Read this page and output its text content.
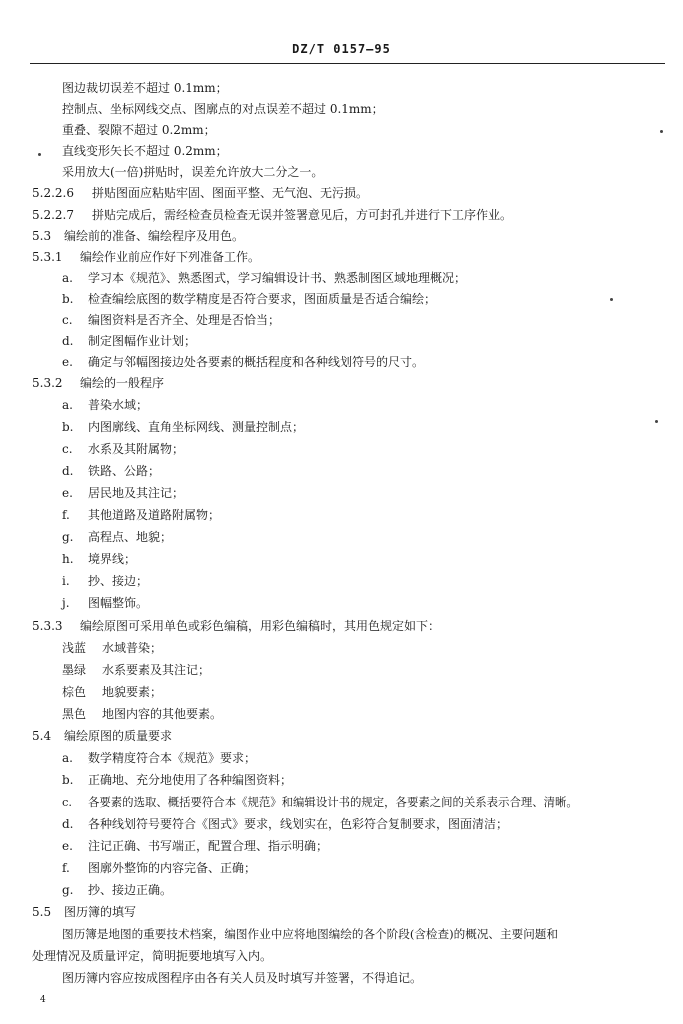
DZ/T 0157—95
图边裁切误差不超过 0.1mm；
控制点、坐标网线交点、图廓点的对点误差不超过 0.1mm；
重叠、裂隙不超过 0.2mm；
直线变形矢长不超过 0.2mm；
采用放大(一倍)拼贴时，误差允许放大二分之一。
5.2.2.6 拼贴图面应粘贴牢固、图面平整、无气泡、无污损。
5.2.2.7 拼贴完成后，需经检查员检查无误并签署意见后，方可封孔并进行下工序作业。
5.3 编绘前的准备、编绘程序及用色。
5.3.1 编绘作业前应作好下列准备工作。
a. 学习本《规范》、熟悉图式，学习编辑设计书、熟悉制图区域地理概况；
b. 检查编绘底图的数学精度是否符合要求，图面质量是否适合编绘；
c. 编图资料是否齐全、处理是否恰当；
d. 制定图幅作业计划；
e. 确定与邻幅图接边处各要素的概括程度和各种线划符号的尺寸。
5.3.2 编绘的一般程序
a. 普染水域；
b. 内图廓线、直角坐标网线、测量控制点；
c. 水系及其附属物；
d. 铁路、公路；
e. 居民地及其注记；
f. 其他道路及道路附属物；
g. 高程点、地貌；
h. 境界线；
i. 抄、接边；
j. 图幅整饰。
5.3.3 编绘原图可采用单色或彩色编稿，用彩色编稿时，其用色规定如下：
浅蓝 水域普染；
墨绿 水系要素及其注记；
棕色 地貌要素；
黑色 地图内容的其他要素。
5.4 编绘原图的质量要求
a. 数学精度符合本《规范》要求；
b. 正确地、充分地使用了各种编图资料；
c. 各要素的选取、概括要符合本《规范》和编辑设计书的规定，各要素之间的关系表示合理、清晰。
d. 各种线划符号要符合《图式》要求，线划实在，色彩符合复制要求，图面清洁；
e. 注记正确、书写端正，配置合理、指示明确；
f. 图廓外整饰的内容完备、正确；
g. 抄、接边正确。
5.5 图历簿的填写
图历簿是地图的重要技术档案，编图作业中应将地图编绘的各个阶段(含检查)的概况、主要问题和
处理情况及质量评定，简明扼要地填写入内。
图历簿内容应按成图程序由各有关人员及时填写并签署，不得追记。
4
